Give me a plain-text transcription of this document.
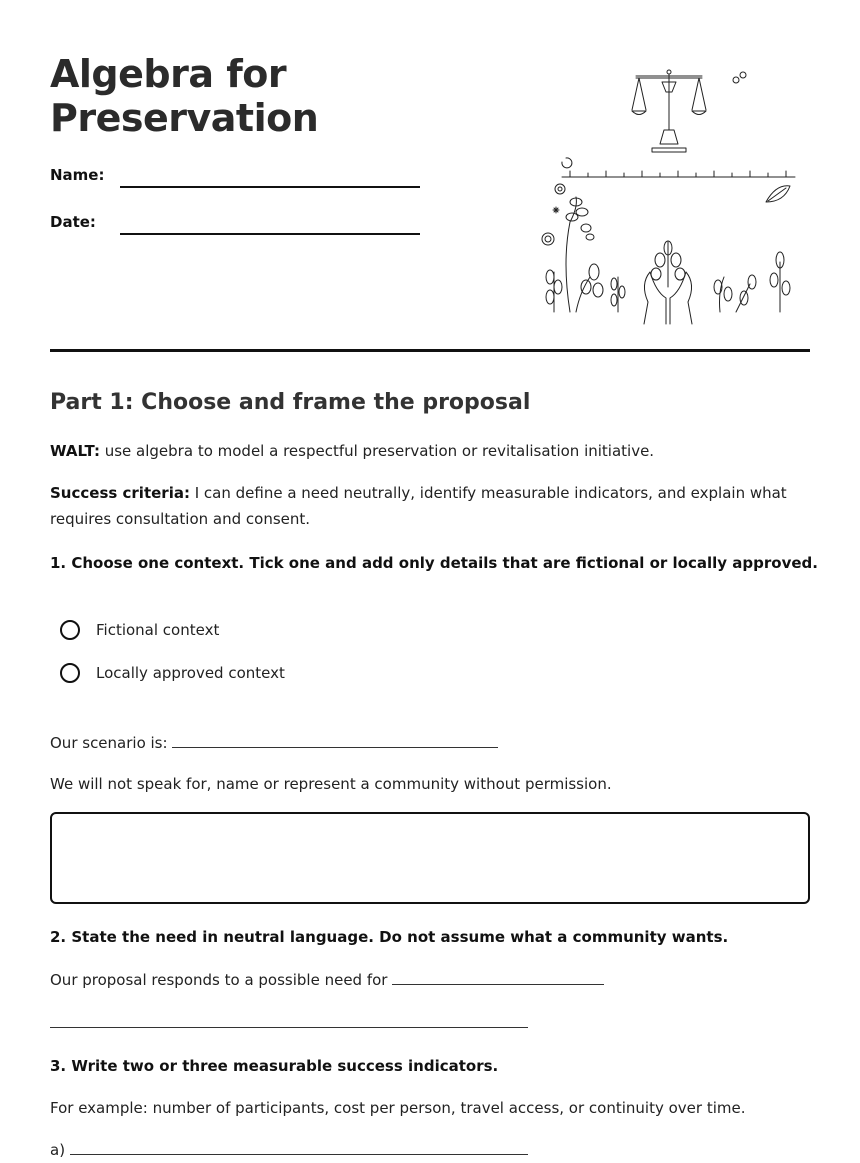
Algebra for
Preservation
Name:
Date:
Part 1: Choose and frame the proposal

WALT: use algebra to model a respectful preservation or revitalisation initiative.

Success criteria: I can define a need neutrally, identify measurable indicators, and explain what requires consultation and consent.

1. Choose one context. Tick one and add only details that are fictional or locally approved.

Fictional context
Locally approved context

Our scenario is:

We will not speak for, name or represent a community without permission.

2. State the need in neutral language. Do not assume what a community wants.

Our proposal responds to a possible need for

3. Write two or three measurable success indicators.

For example: number of participants, cost per person, travel access, or continuity over time.

a)
